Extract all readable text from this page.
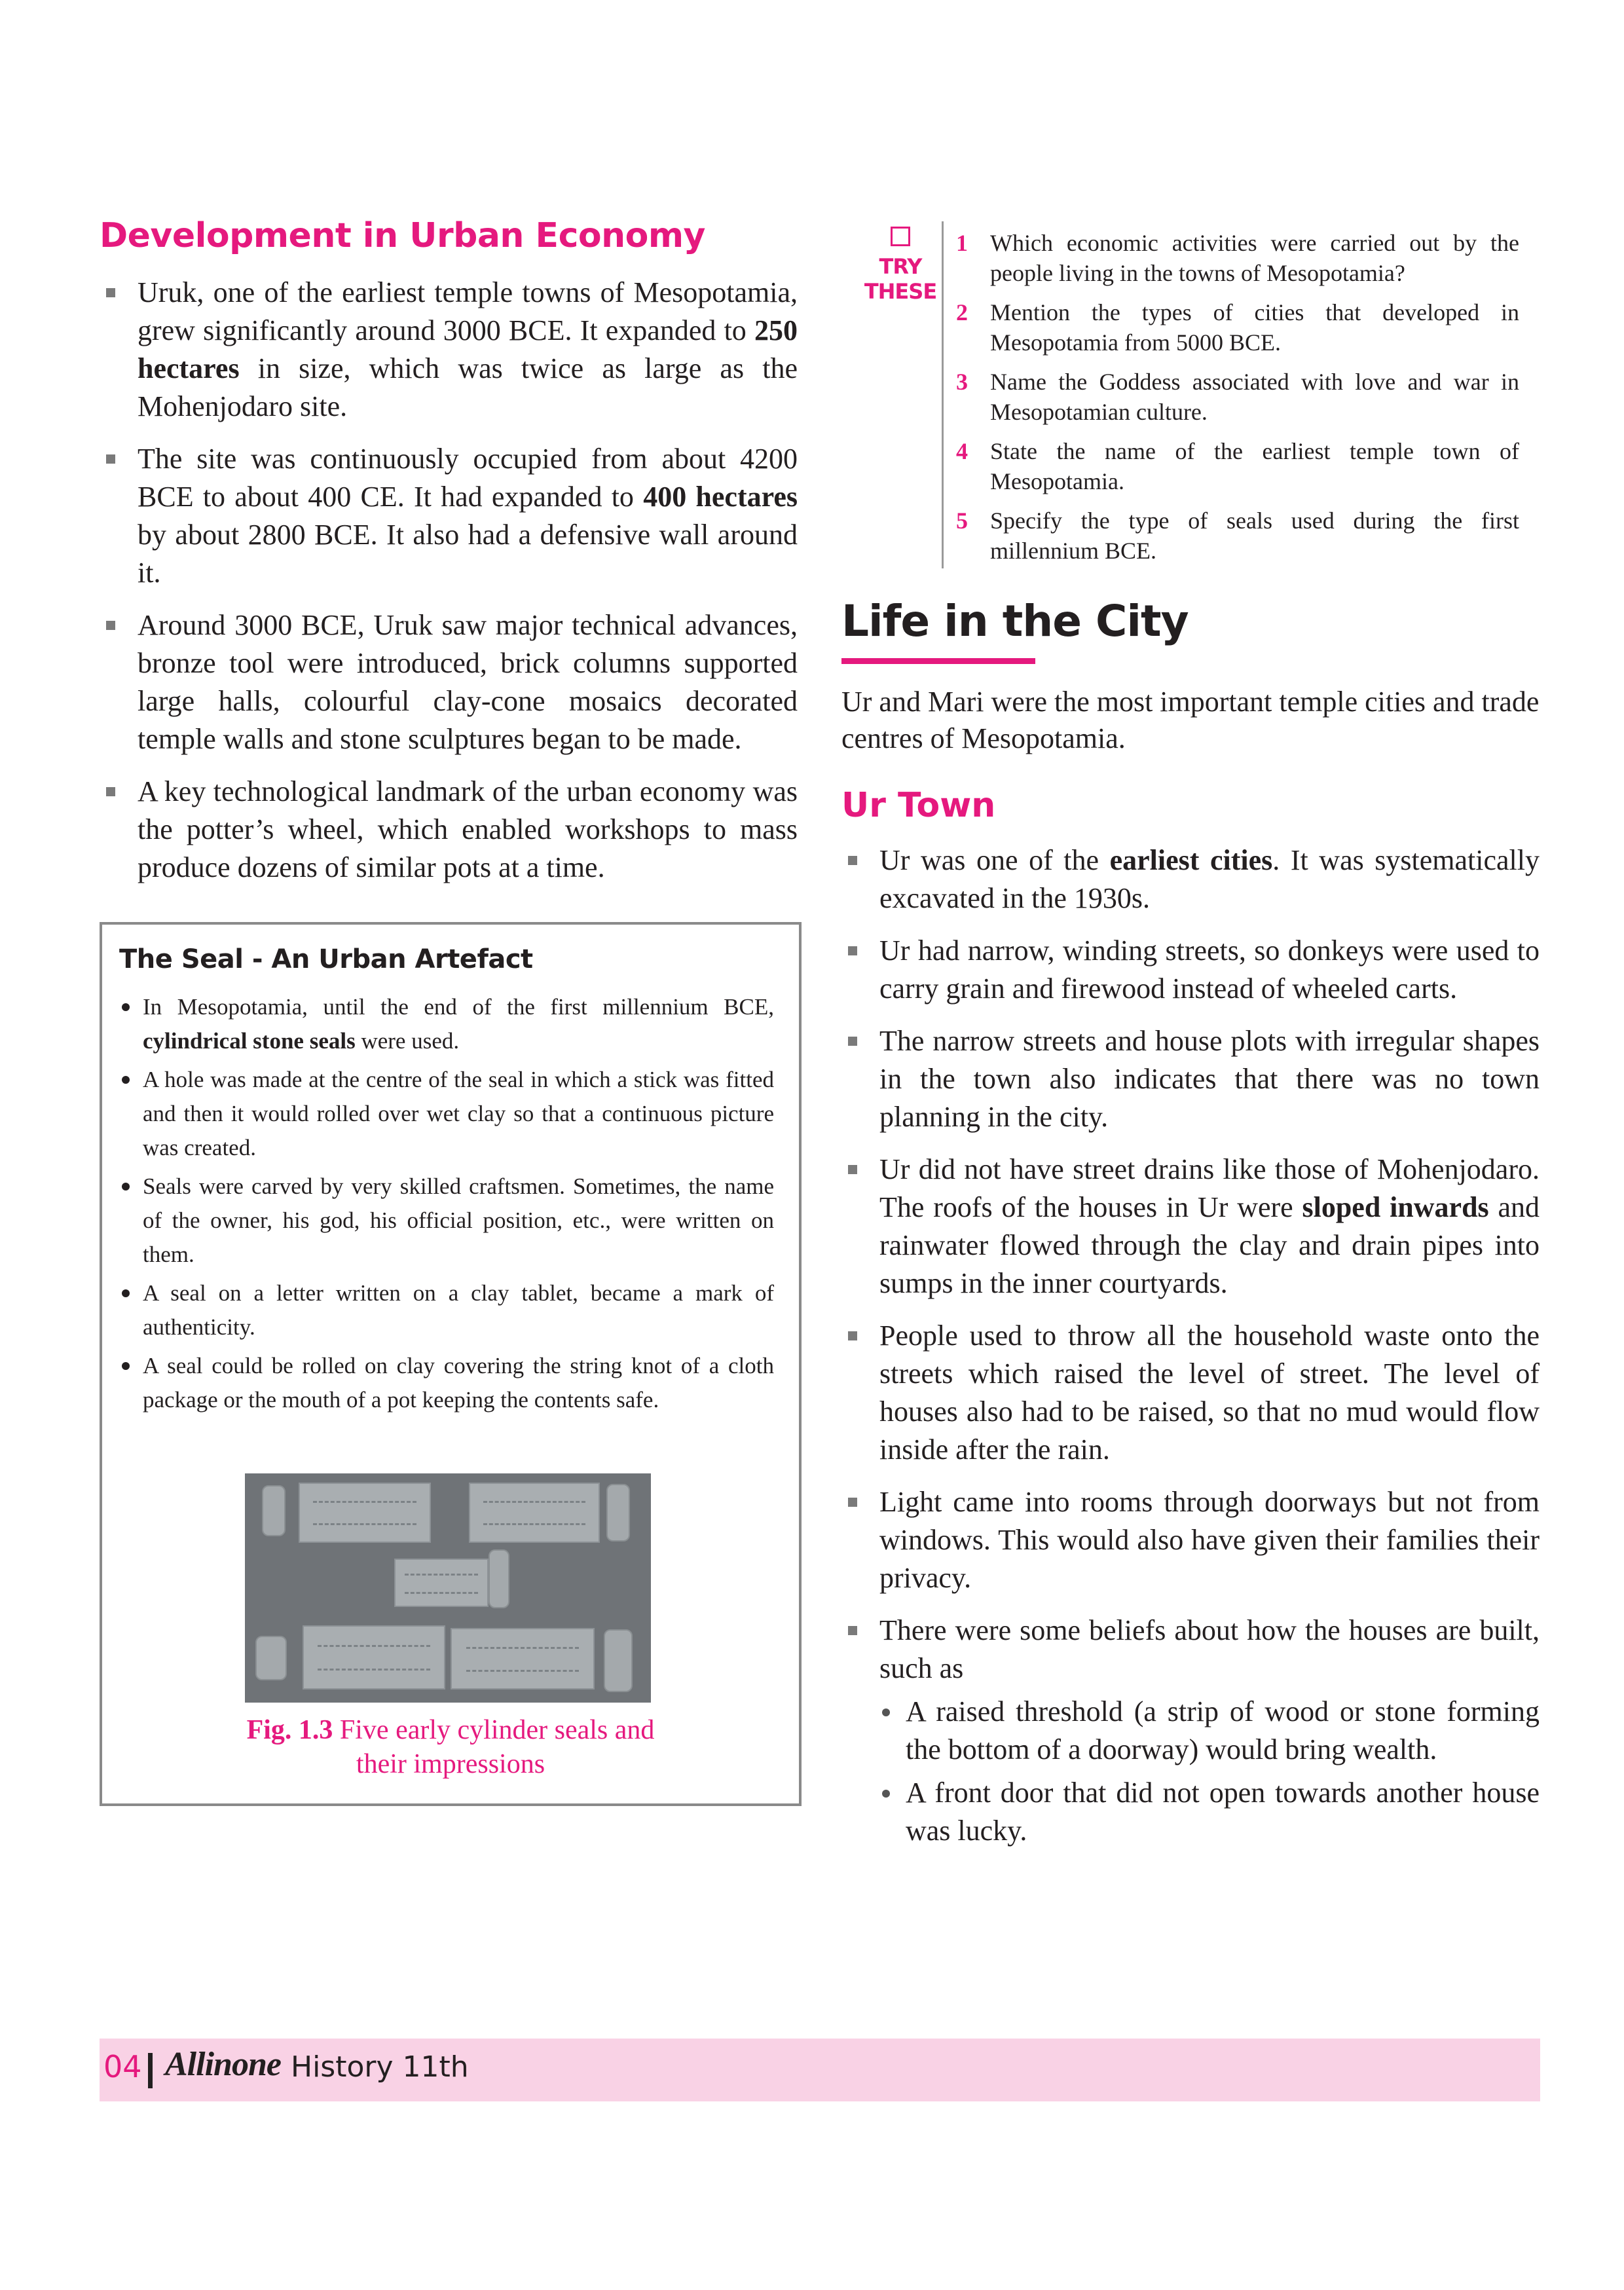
Development in Urban Economy
Uruk, one of the earliest temple towns of Mesopotamia, grew significantly around 3000 BCE. It expanded to 250 hectares in size, which was twice as large as the Mohenjodaro site.
The site was continuously occupied from about 4200 BCE to about 400 CE. It had expanded to 400 hectares by about 2800 BCE. It also had a defensive wall around it.
Around 3000 BCE, Uruk saw major technical advances, bronze tool were introduced, brick columns supported large halls, colourful clay-cone mosaics decorated temple walls and stone sculptures began to be made.
A key technological landmark of the urban economy was the potter’s wheel, which enabled workshops to mass produce dozens of similar pots at a time.
The Seal - An Urban Artefact
In Mesopotamia, until the end of the first millennium BCE, cylindrical stone seals were used.
A hole was made at the centre of the seal in which a stick was fitted and then it would rolled over wet clay so that a continuous picture was created.
Seals were carved by very skilled craftsmen. Sometimes, the name of the owner, his god, his official position, etc., were written on them.
A seal on a letter written on a clay tablet, became a mark of authenticity.
A seal could be rolled on clay covering the string knot of a cloth package or the mouth of a pot keeping the contents safe.
Fig. 1.3 Five early cylinder seals and
their impressions
TRY
THESE
1 Which economic activities were carried out by the people living in the towns of Mesopotamia?
2 Mention the types of cities that developed in Mesopotamia from 5000 BCE.
3 Name the Goddess associated with love and war in Mesopotamian culture.
4 State the name of the earliest temple town of Mesopotamia.
5 Specify the type of seals used during the first millennium BCE.
Life in the City
Ur and Mari were the most important temple cities and trade centres of Mesopotamia.
Ur Town
Ur was one of the earliest cities. It was systematically excavated in the 1930s.
Ur had narrow, winding streets, so donkeys were used to carry grain and firewood instead of wheeled carts.
The narrow streets and house plots with irregular shapes in the town also indicates that there was no town planning in the city.
Ur did not have street drains like those of Mohenjodaro. The roofs of the houses in Ur were sloped inwards and rainwater flowed through the clay and drain pipes into sumps in the inner courtyards.
People used to throw all the household waste onto the streets which raised the level of street. The level of houses also had to be raised, so that no mud would flow inside after the rain.
Light came into rooms through doorways but not from windows. This would also have given their families their privacy.
There were some beliefs about how the houses are built, such as
A raised threshold (a strip of wood or stone forming the bottom of a doorway) would bring wealth.
A front door that did not open towards another house was lucky.
04 Allinone History 11th
